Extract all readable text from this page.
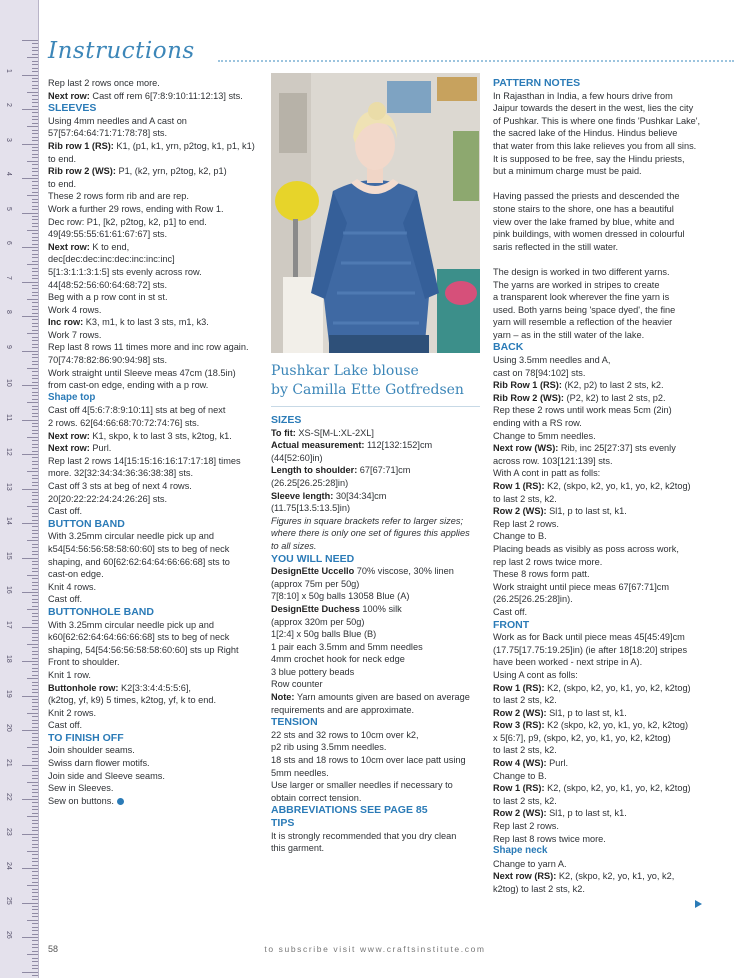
1
2
3
4
5
6
7
8
9
10
11
12
13
14
15
16
17
18
19
20
21
22
23
24
25
26
Instructions

Rep last 2 rows once more.

Next row: Cast off rem 6[7:8:9:10:11:12:13] sts.

SLEEVES

Using 4mm needles and A cast on

57[57:64:64:71:71:78:78] sts.

Rib row 1 (RS): K1, (p1, k1, yrn, p2tog, k1, p1, k1)

to end.

Rib row 2 (WS): P1, (k2, yrn, p2tog, k2, p1)

to end.

These 2 rows form rib and are rep.

Work a further 29 rows, ending with Row 1.

Dec row: P1, [k2, p2tog, k2, p1] to end.

49[49:55:55:61:61:67:67] sts.

Next row: K to end,

dec[dec:dec:inc:dec:inc:inc:inc]

5[1:3:1:1:3:1:5] sts evenly across row.

44[48:52:56:60:64:68:72] sts.

Beg with a p row cont in st st.

Work 4 rows.

Inc row: K3, m1, k to last 3 sts, m1, k3.

Work 7 rows.

Rep last 8 rows 11 times more and inc row again.

70[74:78:82:86:90:94:98] sts.

Work straight until Sleeve meas 47cm (18.5in)

from cast-on edge, ending with a p row.

Shape top

Cast off 4[5:6:7:8:9:10:11] sts at beg of next

2 rows. 62[64:66:68:70:72:74:76] sts.

Next row: K1, skpo, k to last 3 sts, k2tog, k1.

Next row: Purl.

Rep last 2 rows 14[15:15:16:16:17:17:18] times

more. 32[32:34:34:36:36:38:38] sts.

Cast off 3 sts at beg of next 4 rows.

20[20:22:22:24:24:26:26] sts.

Cast off.

BUTTON BAND

With 3.25mm circular needle pick up and

k54[54:56:56:58:58:60:60] sts to beg of neck

shaping, and 60[62:62:64:64:66:66:68] sts to

cast-on edge.

Knit 4 rows.

Cast off.

BUTTONHOLE BAND

With 3.25mm circular needle pick up and

k60[62:62:64:64:66:66:68] sts to beg of neck

shaping, 54[54:56:56:58:58:60:60] sts up Right

Front to shoulder.

Knit 1 row.

Buttonhole row: K2[3:3:4:4:5:5:6],

(k2tog, yf, k9) 5 times, k2tog, yf, k to end.

Knit 2 rows.

Cast off.

TO FINISH OFF

Join shoulder seams.

Swiss darn flower motifs.

Join side and Sleeve seams.

Sew in Sleeves.

Sew on buttons.

Pushkar Lake blouse
by Camilla Ette Gotfredsen

SIZES

To fit: XS-S[M-L:XL-2XL]

Actual measurement: 112[132:152]cm

(44[52:60]in)

Length to shoulder: 67[67:71]cm

(26.25[26.25:28]in)

Sleeve length: 30[34:34]cm

(11.75[13.5:13.5]in)

Figures in square brackets refer to larger sizes;

where there is only one set of figures this applies

to all sizes.

YOU WILL NEED

DesignEtte Uccello 70% viscose, 30% linen

(approx 75m per 50g)

7[8:10] x 50g balls 13058 Blue (A)

DesignEtte Duchess 100% silk

(approx 320m per 50g)

1[2:4] x 50g balls Blue (B)

1 pair each 3.5mm and 5mm needles

4mm crochet hook for neck edge

3 blue pottery beads

Row counter

Note: Yarn amounts given are based on average

requirements and are approximate.

TENSION

22 sts and 32 rows to 10cm over k2,

p2 rib using 3.5mm needles.

18 sts and 18 rows to 10cm over lace patt using

5mm needles.

Use larger or smaller needles if necessary to

obtain correct tension.

ABBREVIATIONS SEE PAGE 85

TIPS

It is strongly recommended that you dry clean

this garment.

PATTERN NOTES

In Rajasthan in India, a few hours drive from

Jaipur towards the desert in the west, lies the city

of Pushkar. This is where one finds 'Pushkar Lake',

the sacred lake of the Hindus. Hindus believe

that water from this lake relieves you from all sins.

It is supposed to be free, say the Hindu priests,

but a minimum charge must be paid.

Having passed the priests and descended the

stone stairs to the shore, one has a beautiful

view over the lake framed by blue, white and

pink buildings, with women dressed in colourful

saris reflected in the still water.

The design is worked in two different yarns.

The yarns are worked in stripes to create

a transparent look wherever the fine yarn is

used. Both yarns being 'space dyed', the fine

yarn will resemble a reflection of the heavier

yarn – as in the still water of the lake.

BACK

Using 3.5mm needles and A,

cast on 78[94:102] sts.

Rib Row 1 (RS): (K2, p2) to last 2 sts, k2.

Rib Row 2 (WS): (P2, k2) to last 2 sts, p2.

Rep these 2 rows until work meas 5cm (2in)

ending with a RS row.

Change to 5mm needles.

Next row (WS): Rib, inc 25[27:37] sts evenly

across row. 103[121:139] sts.

With A cont in patt as folls:

Row 1 (RS): K2, (skpo, k2, yo, k1, yo, k2, k2tog)

to last 2 sts, k2.

Row 2 (WS): Sl1, p to last st, k1.

Rep last 2 rows.

Change to B.

Placing beads as visibly as poss across work,

rep last 2 rows twice more.

These 8 rows form patt.

Work straight until piece meas 67[67:71]cm

(26.25[26.25:28]in).

Cast off.

FRONT

Work as for Back until piece meas 45[45:49]cm

(17.75[17.75:19.25]in) (ie after 18[18:20] stripes

have been worked - next stripe in A).

Using A cont as folls:

Row 1 (RS): K2, (skpo, k2, yo, k1, yo, k2, k2tog)

to last 2 sts, k2.

Row 2 (WS): Sl1, p to last st, k1.

Row 3 (RS): K2 (skpo, k2, yo, k1, yo, k2, k2tog)

x 5[6:7], p9, (skpo, k2, yo, k1, yo, k2, k2tog)

to last 2 sts, k2.

Row 4 (WS): Purl.

Change to B.

Row 1 (RS): K2, (skpo, k2, yo, k1, yo, k2, k2tog)

to last 2 sts, k2.

Row 2 (WS): Sl1, p to last st, k1.

Rep last 2 rows.

Rep last 8 rows twice more.

Shape neck

Change to yarn A.

Next row (RS): K2, (skpo, k2, yo, k1, yo, k2,

k2tog) to last 2 sts, k2.

58	to subscribe visit www.craftsinstitute.com
